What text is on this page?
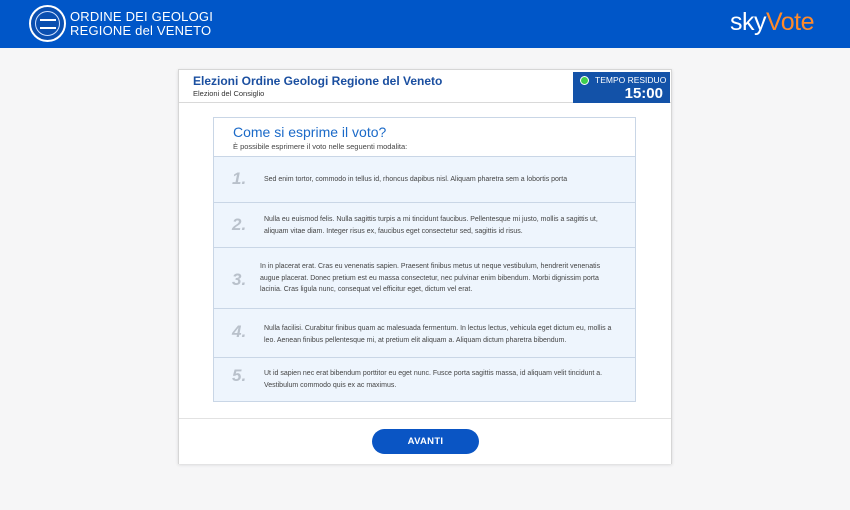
ORDINE DEI GEOLOGI
REGIONE del VENETO	skyVote
Elezioni Ordine Geologi Regione del Veneto
Elezioni del Consiglio
TEMPO RESIDUO
15:00
Come si esprime il voto?
È possibile esprimere il voto nelle seguenti modalita:
1.	Sed enim tortor, commodo in tellus id, rhoncus dapibus nisl. Aliquam pharetra sem a lobortis porta
2.	Nulla eu euismod felis. Nulla sagittis turpis a mi tincidunt faucibus. Pellentesque mi justo, mollis a sagittis ut, aliquam vitae diam. Integer risus ex, faucibus eget consectetur sed, sagittis id risus.
3.
In in placerat erat. Cras eu venenatis sapien. Praesent finibus metus ut neque vestibulum, hendrerit venenatis augue placerat. Donec pretium est eu massa consectetur, nec pulvinar enim bibendum. Morbi dignissim porta lacinia. Cras ligula nunc, consequat vel efficitur eget, dictum vel erat.
4.	Nulla facilisi. Curabitur finibus quam ac malesuada fermentum. In lectus lectus, vehicula eget dictum eu, mollis a leo. Aenean finibus pellentesque mi, at pretium elit aliquam a. Aliquam dictum pharetra bibendum.
5.	Ut id sapien nec erat bibendum porttitor eu eget nunc. Fusce porta sagittis massa, id aliquam velit tincidunt a. Vestibulum commodo quis ex ac maximus.
AVANTI
